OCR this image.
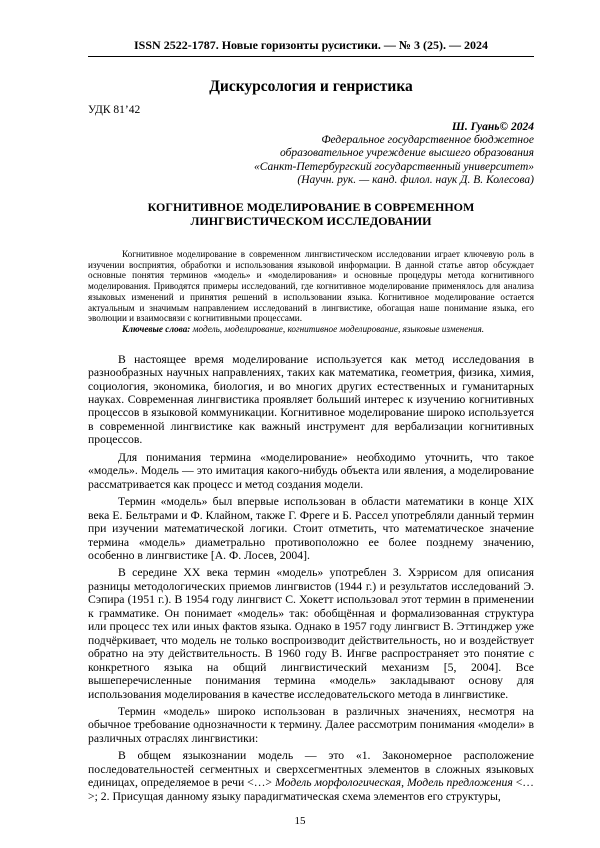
ISSN 2522-1787. Новые горизонты русистики. — № 3 (25). — 2024
Дискурсология и генристика
УДК 81’42
Ш. Гуань© 2024
Федеральное государственное бюджетное
образовательное учреждение высшего образования
«Санкт-Петербургский государственный университет»
(Научн. рук. — канд. филол. наук Д. В. Колесова)
КОГНИТИВНОЕ МОДЕЛИРОВАНИЕ В СОВРЕМЕННОМ
ЛИНГВИСТИЧЕСКОМ ИССЛЕДОВАНИИ
Когнитивное моделирование в современном лингвистическом исследовании играет ключевую роль в изучении восприятия, обработки и использования языковой информации. В данной статье автор обсуждает основные понятия терминов «модель» и «моделирования» и основные процедуры метода когнитивного моделирования. Приводятся примеры исследований, где когнитивное моделирование применялось для анализа языковых изменений и принятия решений в использовании языка. Когнитивное моделирование остается актуальным и значимым направлением исследований в лингвистике, обогащая наше понимание языка, его эволюции и взаимосвязи с когнитивными процессами.
Ключевые слова: модель, моделирование, когнитивное моделирование, языковые изменения.

В настоящее время моделирование используется как метод исследования в разнообразных научных направлениях, таких как математика, геометрия, физика, химия, социология, экономика, биология, и во многих других естественных и гуманитарных науках. Современная лингвистика проявляет больший интерес к изучению когнитивных процессов в языковой коммуникации. Когнитивное моделирование широко используется в современной лингвистике как важный инструмент для вербализации когнитивных процессов.

Для понимания термина «моделирование» необходимо уточнить, что такое «модель». Модель — это имитация какого-нибудь объекта или явления, а моделирование рассматривается как процесс и метод создания модели.

Термин «модель» был впервые использован в области математики в конце XIX века Е. Бельтрами и Ф. Клайном, также Г. Фреге и Б. Рассел употребляли данный термин при изучении математической логики. Стоит отметить, что математическое значение термина «модель» диаметрально противоположно ее более позднему значению, особенно в лингвистике [А. Ф. Лосев, 2004].

В середине ХХ века термин «модель» употреблен З. Хэррисом для описания разницы методологических приемов лингвистов (1944 г.) и результатов исследований Э. Сэпира (1951 г.). В 1954 году лингвист С. Хокетт использовал этот термин в применении к грамматике. Он понимает «модель» так: обобщённая и формализованная структура или процесс тех или иных фактов языка. Однако в 1957 году лингвист В. Эттинджер уже подчёркивает, что модель не только воспроизводит действительность, но и воздействует обратно на эту действительность. В 1960 году В. Ингве распространяет это понятие с конкретного языка на общий лингвистический механизм [5, 2004]. Все вышеперечисленные понимания термина «модель» закладывают основу для использования моделирования в качестве исследовательского метода в лингвистике.

Термин «модель» широко использован в различных значениях, несмотря на обычное требование однозначности к термину. Далее рассмотрим понимания «модели» в различных отраслях лингвистики:

В общем языкознании модель — это «1. Закономерное расположение последовательностей сегментных и сверхсегментных элементов в сложных языковых единицах, определяемое в речи <…> Модель морфологическая, Модель предложения <…>; 2. Присущая данному языку парадигматическая схема элементов его структуры,

15
